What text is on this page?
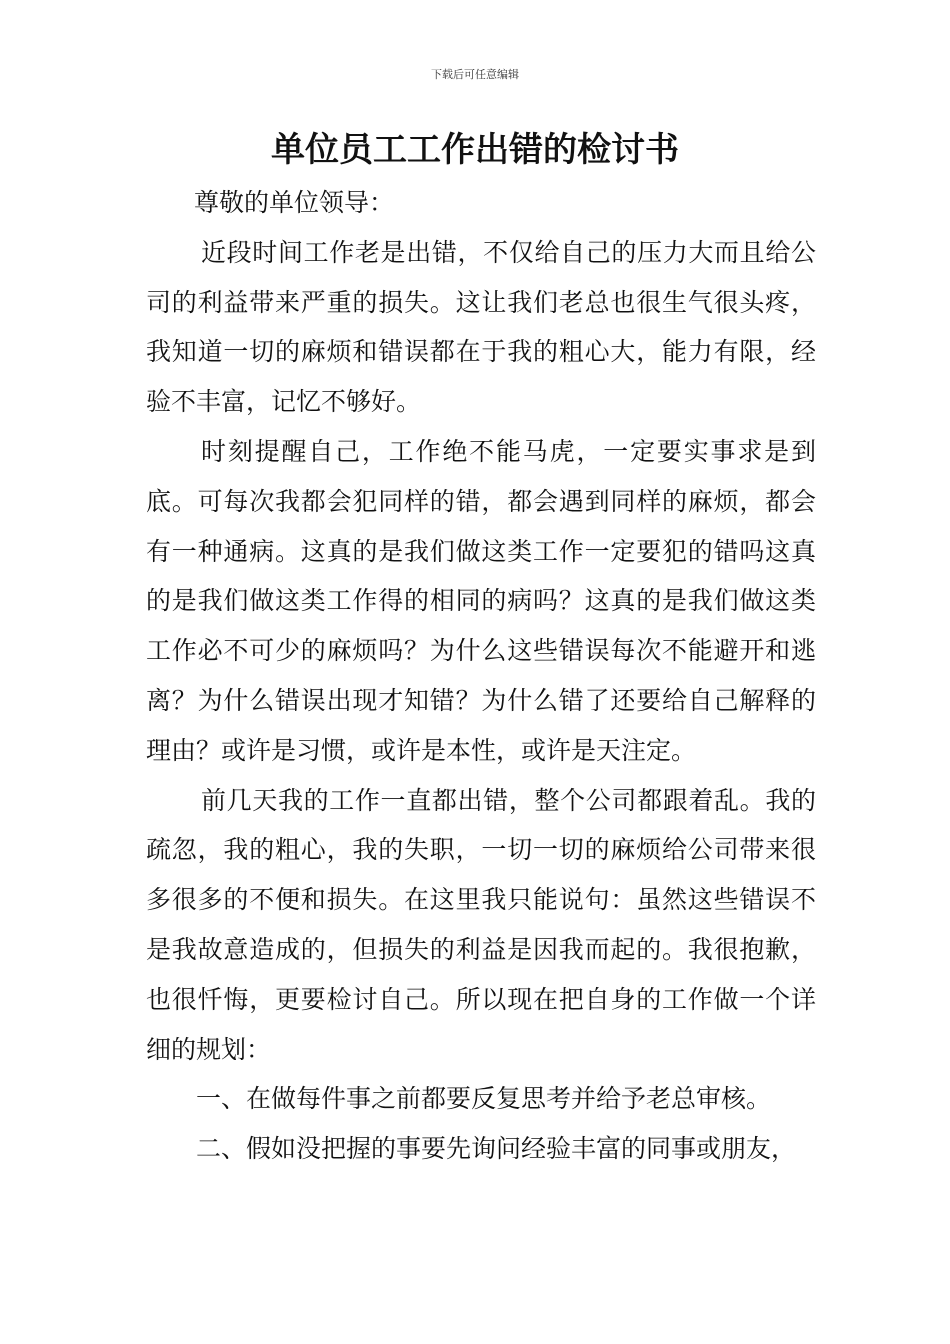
下载后可任意编辑
单位员工工作出错的检讨书

尊敬的单位领导：

近段时间工作老是出错，不仅给自己的压力大而且给公司的利益带来严重的损失。这让我们老总也很生气很头疼，我知道一切的麻烦和错误都在于我的粗心大，能力有限，经验不丰富，记忆不够好。

时刻提醒自己，工作绝不能马虎，一定要实事求是到底。可每次我都会犯同样的错，都会遇到同样的麻烦，都会有一种通病。这真的是我们做这类工作一定要犯的错吗这真的是我们做这类工作得的相同的病吗？这真的是我们做这类工作必不可少的麻烦吗？为什么这些错误每次不能避开和逃离？为什么错误出现才知错？为什么错了还要给自己解释的理由？或许是习惯，或许是本性，或许是天注定。

前几天我的工作一直都出错，整个公司都跟着乱。我的疏忽，我的粗心，我的失职，一切一切的麻烦给公司带来很多很多的不便和损失。在这里我只能说句：虽然这些错误不是我故意造成的，但损失的利益是因我而起的。我很抱歉，也很忏悔，更要检讨自己。所以现在把自身的工作做一个详细的规划：

一、在做每件事之前都要反复思考并给予老总审核。

二、假如没把握的事要先询问经验丰富的同事或朋友，
